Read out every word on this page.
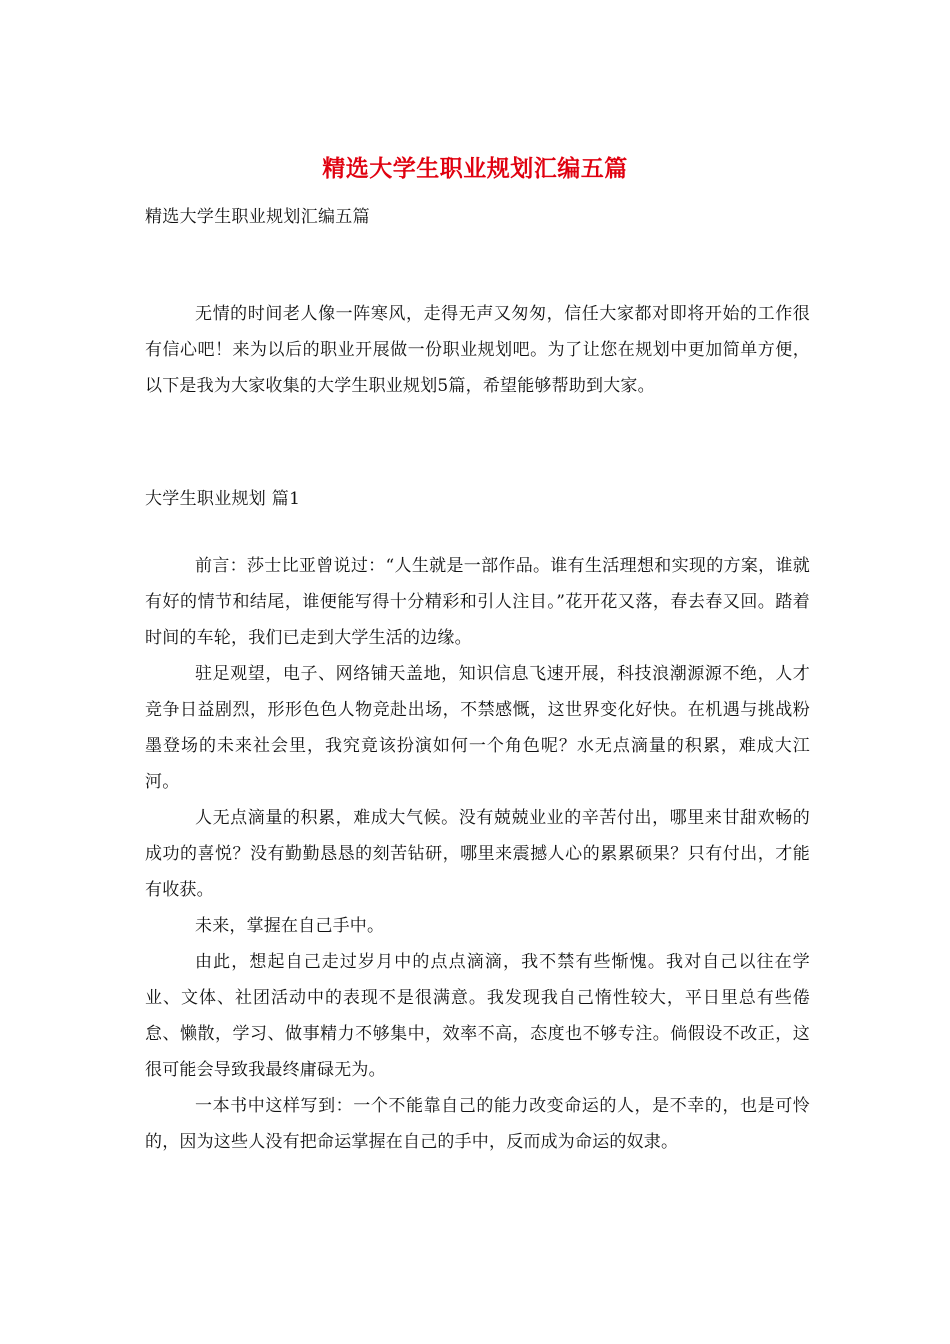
精选大学生职业规划汇编五篇
精选大学生职业规划汇编五篇

无情的时间老人像一阵寒风，走得无声又匆匆，信任大家都对即将开始的工作很有信心吧！来为以后的职业开展做一份职业规划吧。为了让您在规划中更加简单方便，以下是我为大家收集的大学生职业规划5篇，希望能够帮助到大家。

大学生职业规划 篇1

前言：莎士比亚曾说过：“人生就是一部作品。谁有生活理想和实现的方案，谁就有好的情节和结尾，谁便能写得十分精彩和引人注目。”花开花又落，春去春又回。踏着时间的车轮，我们已走到大学生活的边缘。

驻足观望，电子、网络铺天盖地，知识信息飞速开展，科技浪潮源源不绝，人才竞争日益剧烈，形形色色人物竞赴出场，不禁感慨，这世界变化好快。在机遇与挑战粉墨登场的未来社会里，我究竟该扮演如何一个角色呢？水无点滴量的积累，难成大江河。

人无点滴量的积累，难成大气候。没有兢兢业业的辛苦付出，哪里来甘甜欢畅的成功的喜悦？没有勤勤恳恳的刻苦钻研，哪里来震撼人心的累累硕果？只有付出，才能有收获。

未来，掌握在自己手中。

由此，想起自己走过岁月中的点点滴滴，我不禁有些惭愧。我对自己以往在学业、文体、社团活动中的表现不是很满意。我发现我自己惰性较大，平日里总有些倦怠、懒散，学习、做事精力不够集中，效率不高，态度也不够专注。倘假设不改正，这很可能会导致我最终庸碌无为。

一本书中这样写到：一个不能靠自己的能力改变命运的人，是不幸的，也是可怜的，因为这些人没有把命运掌握在自己的手中，反而成为命运的奴隶。
